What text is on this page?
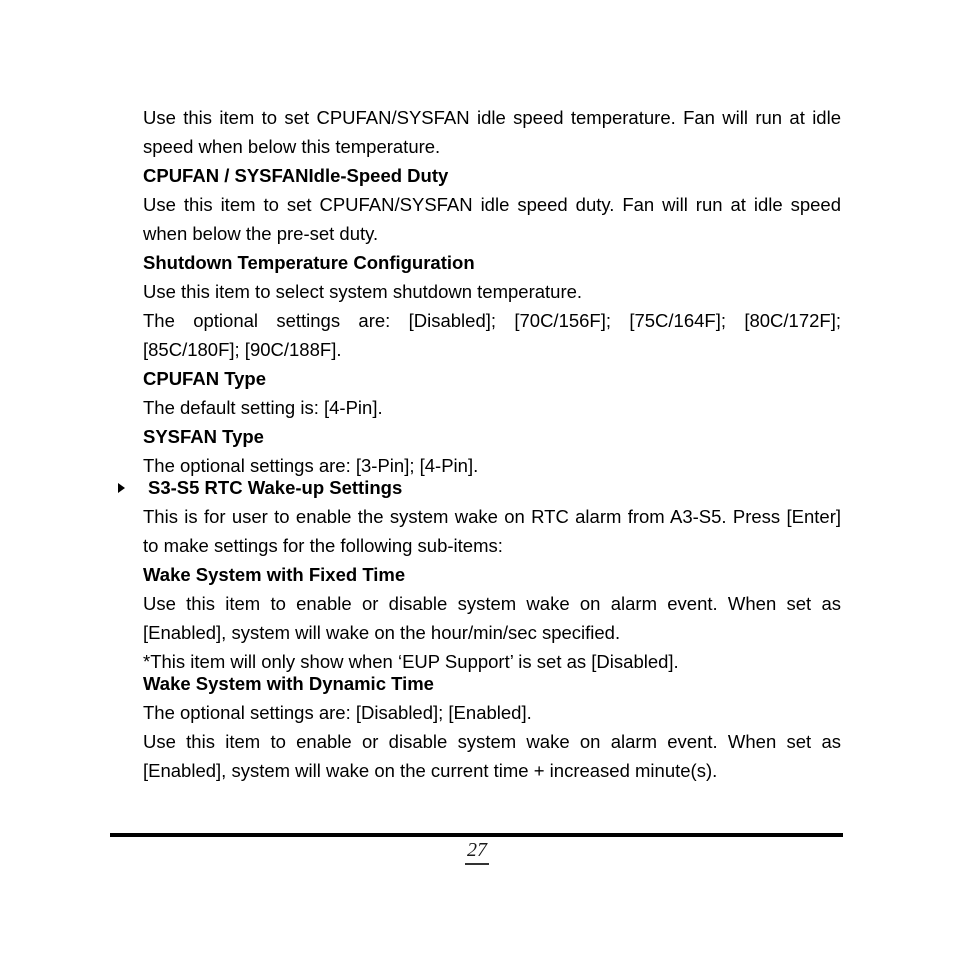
Use this item to set CPUFAN/SYSFAN idle speed temperature. Fan will run at idle speed when below this temperature.

CPUFAN / SYSFANIdle-Speed Duty

Use this item to set CPUFAN/SYSFAN idle speed duty. Fan will run at idle speed when below the pre-set duty.

Shutdown Temperature Configuration

Use this item to select system shutdown temperature.

The optional settings are: [Disabled]; [70C/156F]; [75C/164F]; [80C/172F]; [85C/180F]; [90C/188F].

CPUFAN Type

The default setting is: [4-Pin].

SYSFAN Type

The optional settings are: [3-Pin]; [4-Pin].

S3-S5 RTC Wake-up Settings

This is for user to enable the system wake on RTC alarm from A3-S5. Press [Enter] to make settings for the following sub-items:

Wake System with Fixed Time

Use this item to enable or disable system wake on alarm event. When set as [Enabled], system will wake on the hour/min/sec specified.

*This item will only show when ‘EUP Support’ is set as [Disabled].

Wake System with Dynamic Time

The optional settings are: [Disabled]; [Enabled].

Use this item to enable or disable system wake on alarm event. When set as [Enabled], system will wake on the current time + increased minute(s).

27
